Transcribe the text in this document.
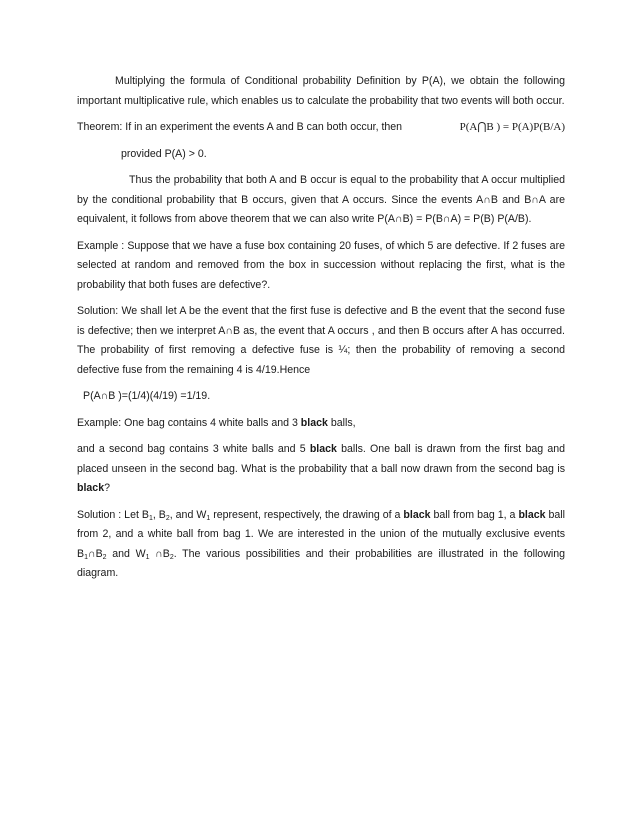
Multiplying the formula of Conditional probability Definition by P(A), we obtain the following important multiplicative rule, which enables us to calculate the probability that two events will both occur.

Theorem: If in an experiment the events A and B can both occur, then	P(A⋂B ) = P(A)P(B/A)

provided P(A) > 0.

Thus the probability that both A and B occur is equal to the probability that A occur multiplied by the conditional probability that B occurs, given that A occurs. Since the events A∩B and B∩A are equivalent, it follows from above theorem that we can also write P(A∩B) = P(B∩A) = P(B) P(A/B).

Example : Suppose that we have a fuse box containing 20 fuses, of which 5 are defective. If 2 fuses are selected at random and removed from the box in succession without replacing the first, what is the probability that both fuses are defective?.

Solution: We shall let A be the event that the first fuse is defective and B the event that the second fuse is defective; then we interpret A∩B as, the event that A occurs , and then B occurs after A has occurred. The probability of first removing a defective fuse is ¼; then the probability of removing a second defective fuse from the remaining 4 is 4/19.Hence

P(A∩B )=(1/4)(4/19) =1/19.

Example: One bag contains 4 white balls and 3 black balls,

and a second bag contains 3 white balls and 5 black balls. One ball is drawn from the first bag and placed unseen in the second bag. What is the probability that a ball now drawn from the second bag is black?

Solution : Let $B_1$, $B_2$, and $W_1$ represent, respectively, the drawing of a black ball from bag 1, a black ball from 2, and a white ball from bag 1. We are interested in the union of the mutually exclusive events $B_1\cap B_2$ and $W_1$ $\cap B_2$. The various possibilities and their probabilities are illustrated in the following diagram.
